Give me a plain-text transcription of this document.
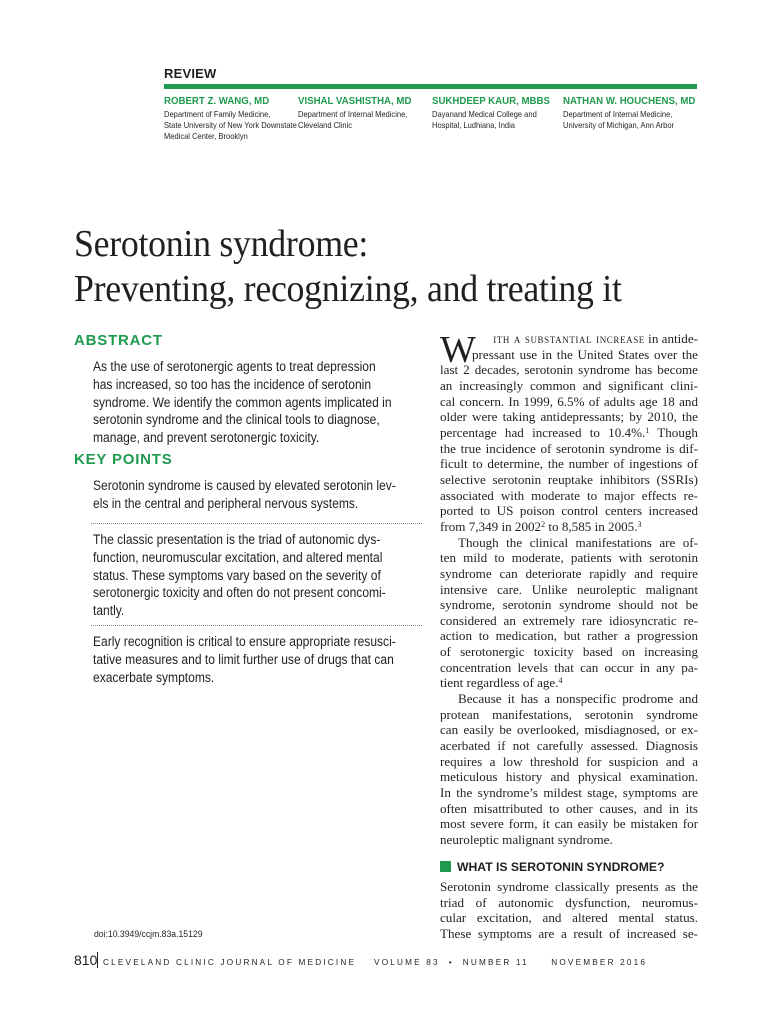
REVIEW
ROBERT Z. WANG, MD
Department of Family Medicine,
State University of New York Downstate
Medical Center, Brooklyn
VISHAL VASHISTHA, MD
Department of Internal Medicine,
Cleveland Clinic
SUKHDEEP KAUR, MBBS
Dayanand Medical College and
Hospital, Ludhiana, India
NATHAN W. HOUCHENS, MD
Department of Internal Medicine,
University of Michigan, Ann Arbor
Serotonin syndrome:
Preventing, recognizing, and treating it
ABSTRACT
As the use of serotonergic agents to treat depression
has increased, so too has the incidence of serotonin
syndrome. We identify the common agents implicated in
serotonin syndrome and the clinical tools to diagnose,
manage, and prevent serotonergic toxicity.
KEY POINTS
Serotonin syndrome is caused by elevated serotonin lev-
els in the central and peripheral nervous systems.
The classic presentation is the triad of autonomic dys-
function, neuromuscular excitation, and altered mental
status. These symptoms vary based on the severity of
serotonergic toxicity and often do not present concomi-
tantly.
Early recognition is critical to ensure appropriate resusci-
tative measures and to limit further use of drugs that can
exacerbate symptoms.
doi:10.3949/ccjm.83a.15129
W	ith a substantial increase in antide-
pressant use in the United States over the
last 2 decades, serotonin syndrome has become
an increasingly common and significant clini-
cal concern. In 1999, 6.5% of adults age 18 and
older were taking antidepressants; by 2010, the
percentage had increased to 10.4%.$^1$ Though
the true incidence of serotonin syndrome is dif-
ficult to determine, the number of ingestions of
selective serotonin reuptake inhibitors (SSRIs)
associated with moderate to major effects re-
ported to US poison control centers increased
from 7,349 in 2002$^2$ to 8,585 in 2005.$^3$
Though the clinical manifestations are of-
ten mild to moderate, patients with serotonin
syndrome can deteriorate rapidly and require
intensive care. Unlike neuroleptic malignant
syndrome, serotonin syndrome should not be
considered an extremely rare idiosyncratic re-
action to medication, but rather a progression
of serotonergic toxicity based on increasing
concentration levels that can occur in any pa-
tient regardless of age.$^4$
Because it has a nonspecific prodrome and
protean manifestations, serotonin syndrome
can easily be overlooked, misdiagnosed, or ex-
acerbated if not carefully assessed. Diagnosis
requires a low threshold for suspicion and a
meticulous history and physical examination.
In the syndrome’s mildest stage, symptoms are
often misattributed to other causes, and in its
most severe form, it can easily be mistaken for
neuroleptic malignant syndrome.
WHAT IS SEROTONIN SYNDROME?
Serotonin syndrome classically presents as the
triad of autonomic dysfunction, neuromus-
cular excitation, and altered mental status.
These symptoms are a result of increased se-
810 CLEVELAND CLINIC JOURNAL OF MEDICINE VOLUME 83 • NUMBER 11	NOVEMBER 2016
